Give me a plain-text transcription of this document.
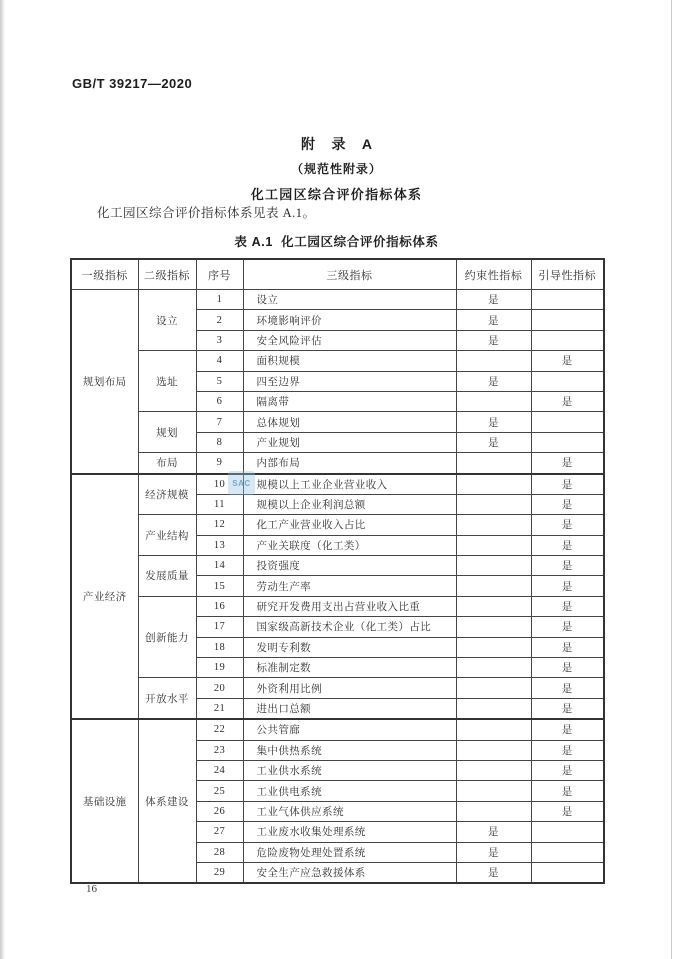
GB/T 39217—2020
附 录 A
（规范性附录）
化工园区综合评价指标体系
化工园区综合评价指标体系见表 A.1。
表 A.1  化工园区综合评价指标体系
一级指标	二级指标	序号	三级指标	约束性指标	引导性指标
规划布局	设立	1	设立	是	
		2	环境影响评价	是	
		3	安全风险评估	是	
	选址	4	面积规模		是
		5	四至边界	是	
		6	隔离带		是
	规划	7	总体规划	是	
		8	产业规划	是	
	布局	9	内部布局		是
产业经济	经济规模	10	规模以上工业企业营业收入		是
		11	规模以上企业利润总额		是
	产业结构	12	化工产业营业收入占比		是
		13	产业关联度（化工类）		是
	发展质量	14	投资强度		是
		15	劳动生产率		是
	创新能力	16	研究开发费用支出占营业收入比重		是
		17	国家级高新技术企业（化工类）占比		是
		18	发明专利数		是
		19	标准制定数		是
	开放水平	20	外资利用比例		是
		21	进出口总额		是
基础设施	体系建设	22	公共管廊		是
		23	集中供热系统		是
		24	工业供水系统		是
		25	工业供电系统		是
		26	工业气体供应系统		是
		27	工业废水收集处理系统	是	
		28	危险废物处理处置系统	是	
		29	安全生产应急救援体系	是	
SAC
16
